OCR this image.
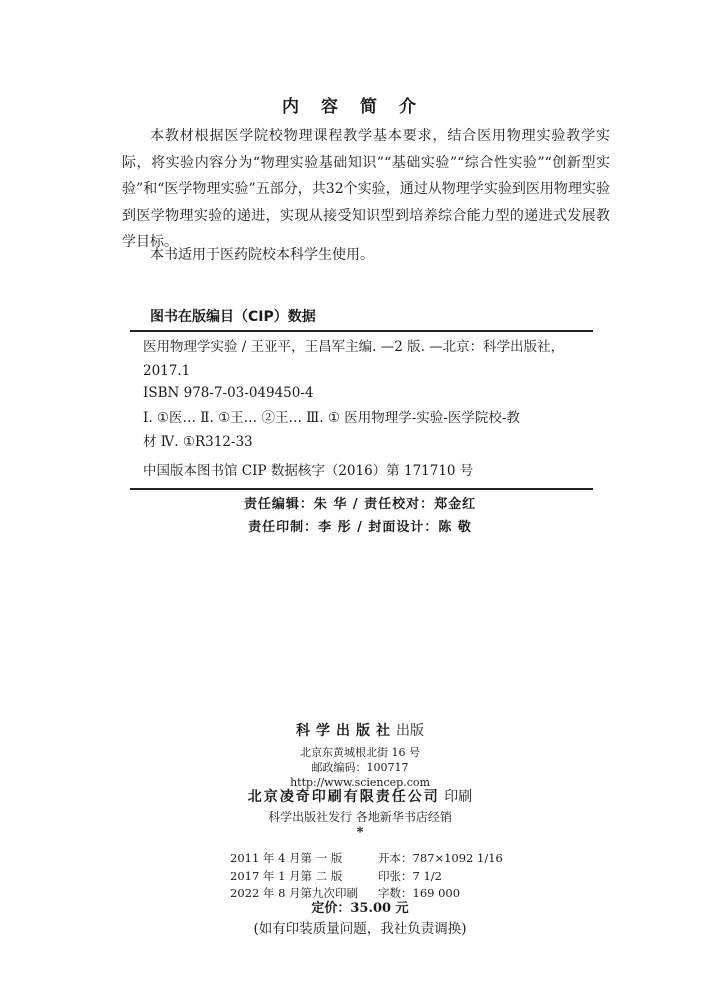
内容简介
本教材根据医学院校物理课程教学基本要求，结合医用物理实验教学实际，将实验内容分为“物理实验基础知识”“基础实验”“综合性实验”“创新型实验”和“医学物理实验”五部分，共32个实验，通过从物理学实验到医用物理实验到医学物理实验的递进，实现从接受知识型到培养综合能力型的递进式发展教学目标。
本书适用于医药院校本科学生使用。
图书在版编目（CIP）数据
医用物理学实验 / 王亚平，王昌军主编. —2 版. —北京：科学出版社，
2017.1
ISBN 978-7-03-049450-4
Ⅰ. ①医… Ⅱ. ①王… ②王… Ⅲ. ① 医用物理学-实验-医学院校-教
材 Ⅳ. ①R312-33
中国版本图书馆 CIP 数据核字（2016）第 171710 号
责任编辑：朱 华 / 责任校对：郑金红
责任印制：李 彤 / 封面设计：陈 敬
科学出版社出版
北京东黄城根北街 16 号
邮政编码：100717
http://www.sciencep.com
北京凌奇印刷有限责任公司 印刷
科学出版社发行 各地新华书店经销
*
2011 年 4 月第 一 版	开本：787×1092 1/16
2017 年 1 月第 二 版	印张：7 1/2
2022 年 8 月第九次印刷 字数：169 000
定价：35.00 元
(如有印装质量问题，我社负责调换)
